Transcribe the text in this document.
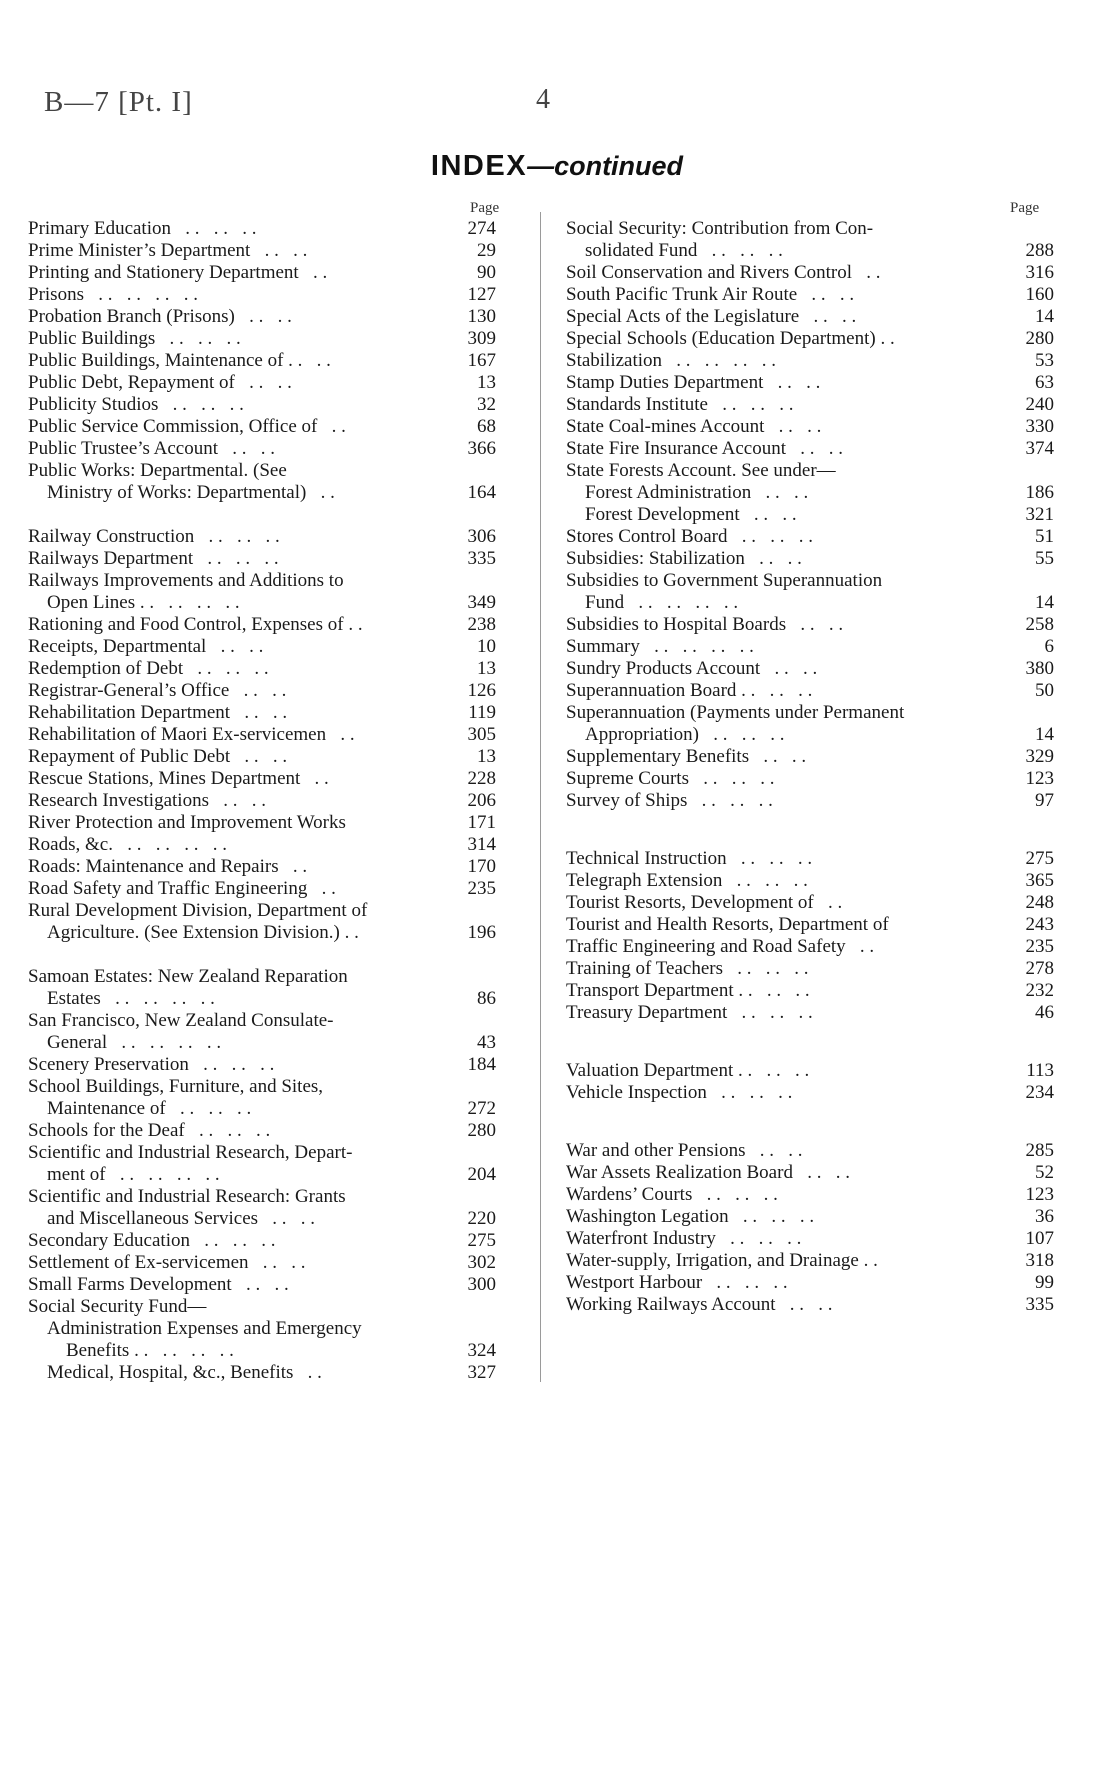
B—7 [Pt. I]	4
INDEX—continued
Page	Page
Primary Education   . .   . .   . .	274
Prime Minister’s Department   . .   . .	29
Printing and Stationery Department   . .	90
Prisons   . .   . .   . .   . .	127
Probation Branch (Prisons)   . .   . .	130
Public Buildings   . .   . .   . .	309
Public Buildings, Maintenance of . .   . .	167
Public Debt, Repayment of   . .   . .	13
Publicity Studios   . .   . .   . .	32
Public Service Commission, Office of   . .	68
Public Trustee’s Account   . .   . .	366
Public Works: Departmental. (See
Ministry of Works: Departmental)   . .	164
Railway Construction   . .   . .   . .	306
Railways Department   . .   . .   . .	335
Railways Improvements and Additions to
Open Lines . .   . .   . .   . .	349
Rationing and Food Control, Expenses of . .	238
Receipts, Departmental   . .   . .	10
Redemption of Debt   . .   . .   . .	13
Registrar-General’s Office   . .   . .	126
Rehabilitation Department   . .   . .	119
Rehabilitation of Maori Ex-servicemen   . .	305
Repayment of Public Debt   . .   . .	13
Rescue Stations, Mines Department   . .	228
Research Investigations   . .   . .	206
River Protection and Improvement Works	171
Roads, &c.   . .   . .   . .   . .	314
Roads: Maintenance and Repairs   . .	170
Road Safety and Traffic Engineering   . .	235
Rural Development Division, Department of
Agriculture. (See Extension Division.) . .	196
Samoan Estates: New Zealand Reparation
Estates   . .   . .   . .   . .	86
San Francisco, New Zealand Consulate-
General   . .   . .   . .   . .	43
Scenery Preservation   . .   . .   . .	184
School Buildings, Furniture, and Sites,
Maintenance of   . .   . .   . .	272
Schools for the Deaf   . .   . .   . .	280
Scientific and Industrial Research, Depart-
ment of   . .   . .   . .   . .	204
Scientific and Industrial Research: Grants
and Miscellaneous Services   . .   . .	220
Secondary Education   . .   . .   . .	275
Settlement of Ex-servicemen   . .   . .	302
Small Farms Development   . .   . .	300
Social Security Fund—
Administration Expenses and Emergency
Benefits . .   . .   . .   . .	324
Medical, Hospital, &c., Benefits   . .	327
Social Security: Contribution from Con-
solidated Fund   . .   . .   . .	288
Soil Conservation and Rivers Control   . .	316
South Pacific Trunk Air Route   . .   . .	160
Special Acts of the Legislature   . .   . .	14
Special Schools (Education Department) . .	280
Stabilization   . .   . .   . .   . .	53
Stamp Duties Department   . .   . .	63
Standards Institute   . .   . .   . .	240
State Coal-mines Account   . .   . .	330
State Fire Insurance Account   . .   . .	374
State Forests Account. See under—
Forest Administration   . .   . .	186
Forest Development   . .   . .	321
Stores Control Board   . .   . .   . .	51
Subsidies: Stabilization   . .   . .	55
Subsidies to Government Superannuation
Fund   . .   . .   . .   . .	14
Subsidies to Hospital Boards   . .   . .	258
Summary   . .   . .   . .   . .	6
Sundry Products Account   . .   . .	380
Superannuation Board . .   . .   . .	50
Superannuation (Payments under Permanent
Appropriation)   . .   . .   . .	14
Supplementary Benefits   . .   . .	329
Supreme Courts   . .   . .   . .	123
Survey of Ships   . .   . .   . .	97
Technical Instruction   . .   . .   . .	275
Telegraph Extension   . .   . .   . .	365
Tourist Resorts, Development of   . .	248
Tourist and Health Resorts, Department of	243
Traffic Engineering and Road Safety   . .	235
Training of Teachers   . .   . .   . .	278
Transport Department . .   . .   . .	232
Treasury Department   . .   . .   . .	46
Valuation Department . .   . .   . .	113
Vehicle Inspection   . .   . .   . .	234
War and other Pensions   . .   . .	285
War Assets Realization Board   . .   . .	52
Wardens’ Courts   . .   . .   . .	123
Washington Legation   . .   . .   . .	36
Waterfront Industry   . .   . .   . .	107
Water-supply, Irrigation, and Drainage . .	318
Westport Harbour   . .   . .   . .	99
Working Railways Account   . .   . .	335
